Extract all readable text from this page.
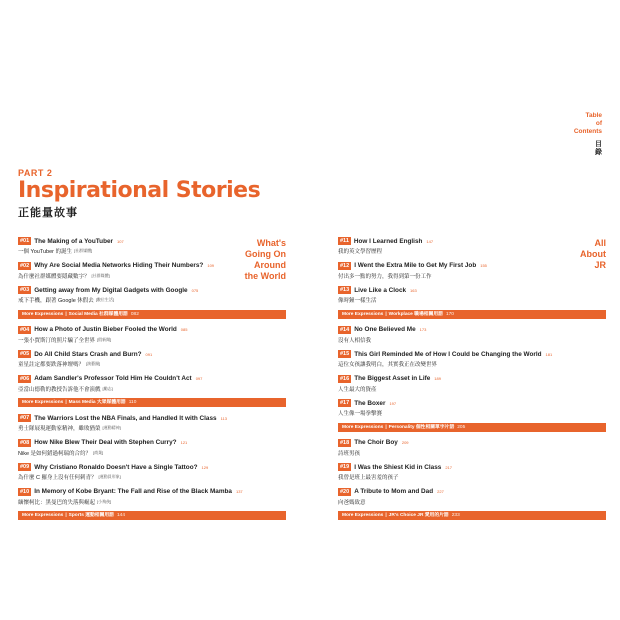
Table
of
Contents
目
錄
PART 2
Inspirational Stories
正能量故事
What's
Going On
Around
the World
#01 The Making of a YouTuber 107
一個 YouTuber 的誕生 [社群媒體]
#02 Why Are Social Media Networks Hiding Their Numbers? 109
為什麼社群媒體要隱藏數字？ [社群媒體]
#03 Getting away from My Digital Gadgets with Google 075
戒下手機，跟著 Google 休假去 [數位生活]
More Expressions | Social Media 社群媒體用語 082
#04 How a Photo of Justin Bieber Fooled the World 085
一張小賈斯汀的照片騙了全世界 [假新聞]
#05 Do All Child Stars Crash and Burn? 091
童星註定都要跌落神壇嗎？ [演藝圈]
#06 Adam Sandler's Professor Told Him He Couldn't Act 097
亞當山德勒的教授告訴他不會演戲 [勵志]
More Expressions | Mass Media 大眾媒體用語 110
#07 The Warriors Lost the NBA Finals, and Handled It with Class 113
勇士隊展現運動家精神，雖敗猶榮 [運動精神]
#08 How Nike Blew Their Deal with Stephen Curry? 121
Nike 是如何錯過柯瑞的合約？ [商業]
#09 Why Cristiano Ronaldo Doesn't Have a Single Tattoo? 129
為什麼 C 羅身上沒有任何刺青？ [運動員形象]
#10 In Memory of Kobe Bryant: The Fall and Rise of the Black Mamba 137
緬懷柯比：黑曼巴的失落與崛起 [小飛俠]
More Expressions | Sports 運動相關用語 144
All
About
JR
#11 How I Learned English 147
我的英文學習歷程
#12 I Went the Extra Mile to Get My First Job 155
付出多一點的努力，我得到第一份工作
#13 Live Like a Clock 163
像時鐘一樣生活
More Expressions | Workplace 職場相關用語 170
#14 No One Believed Me 173
沒有人相信我
#15 This Girl Reminded Me of How I Could be Changing the World 181
這位女孩讓我明白，其實我正在改變世界
#16 The Biggest Asset in Life 189
人生最大的資產
#17 The Boxer 197
人生像一場拳擊賽
More Expressions | Personality 個性相關單字片語 205
#18 The Choir Boy 209
詩班男孩
#19 I Was the Shiest Kid in Class 217
我曾是班上最害羞的孩子
#20 A Tribute to Mom and Dad 227
向爸媽致意
More Expressions | JR's Choice JR 愛用的片語 233
